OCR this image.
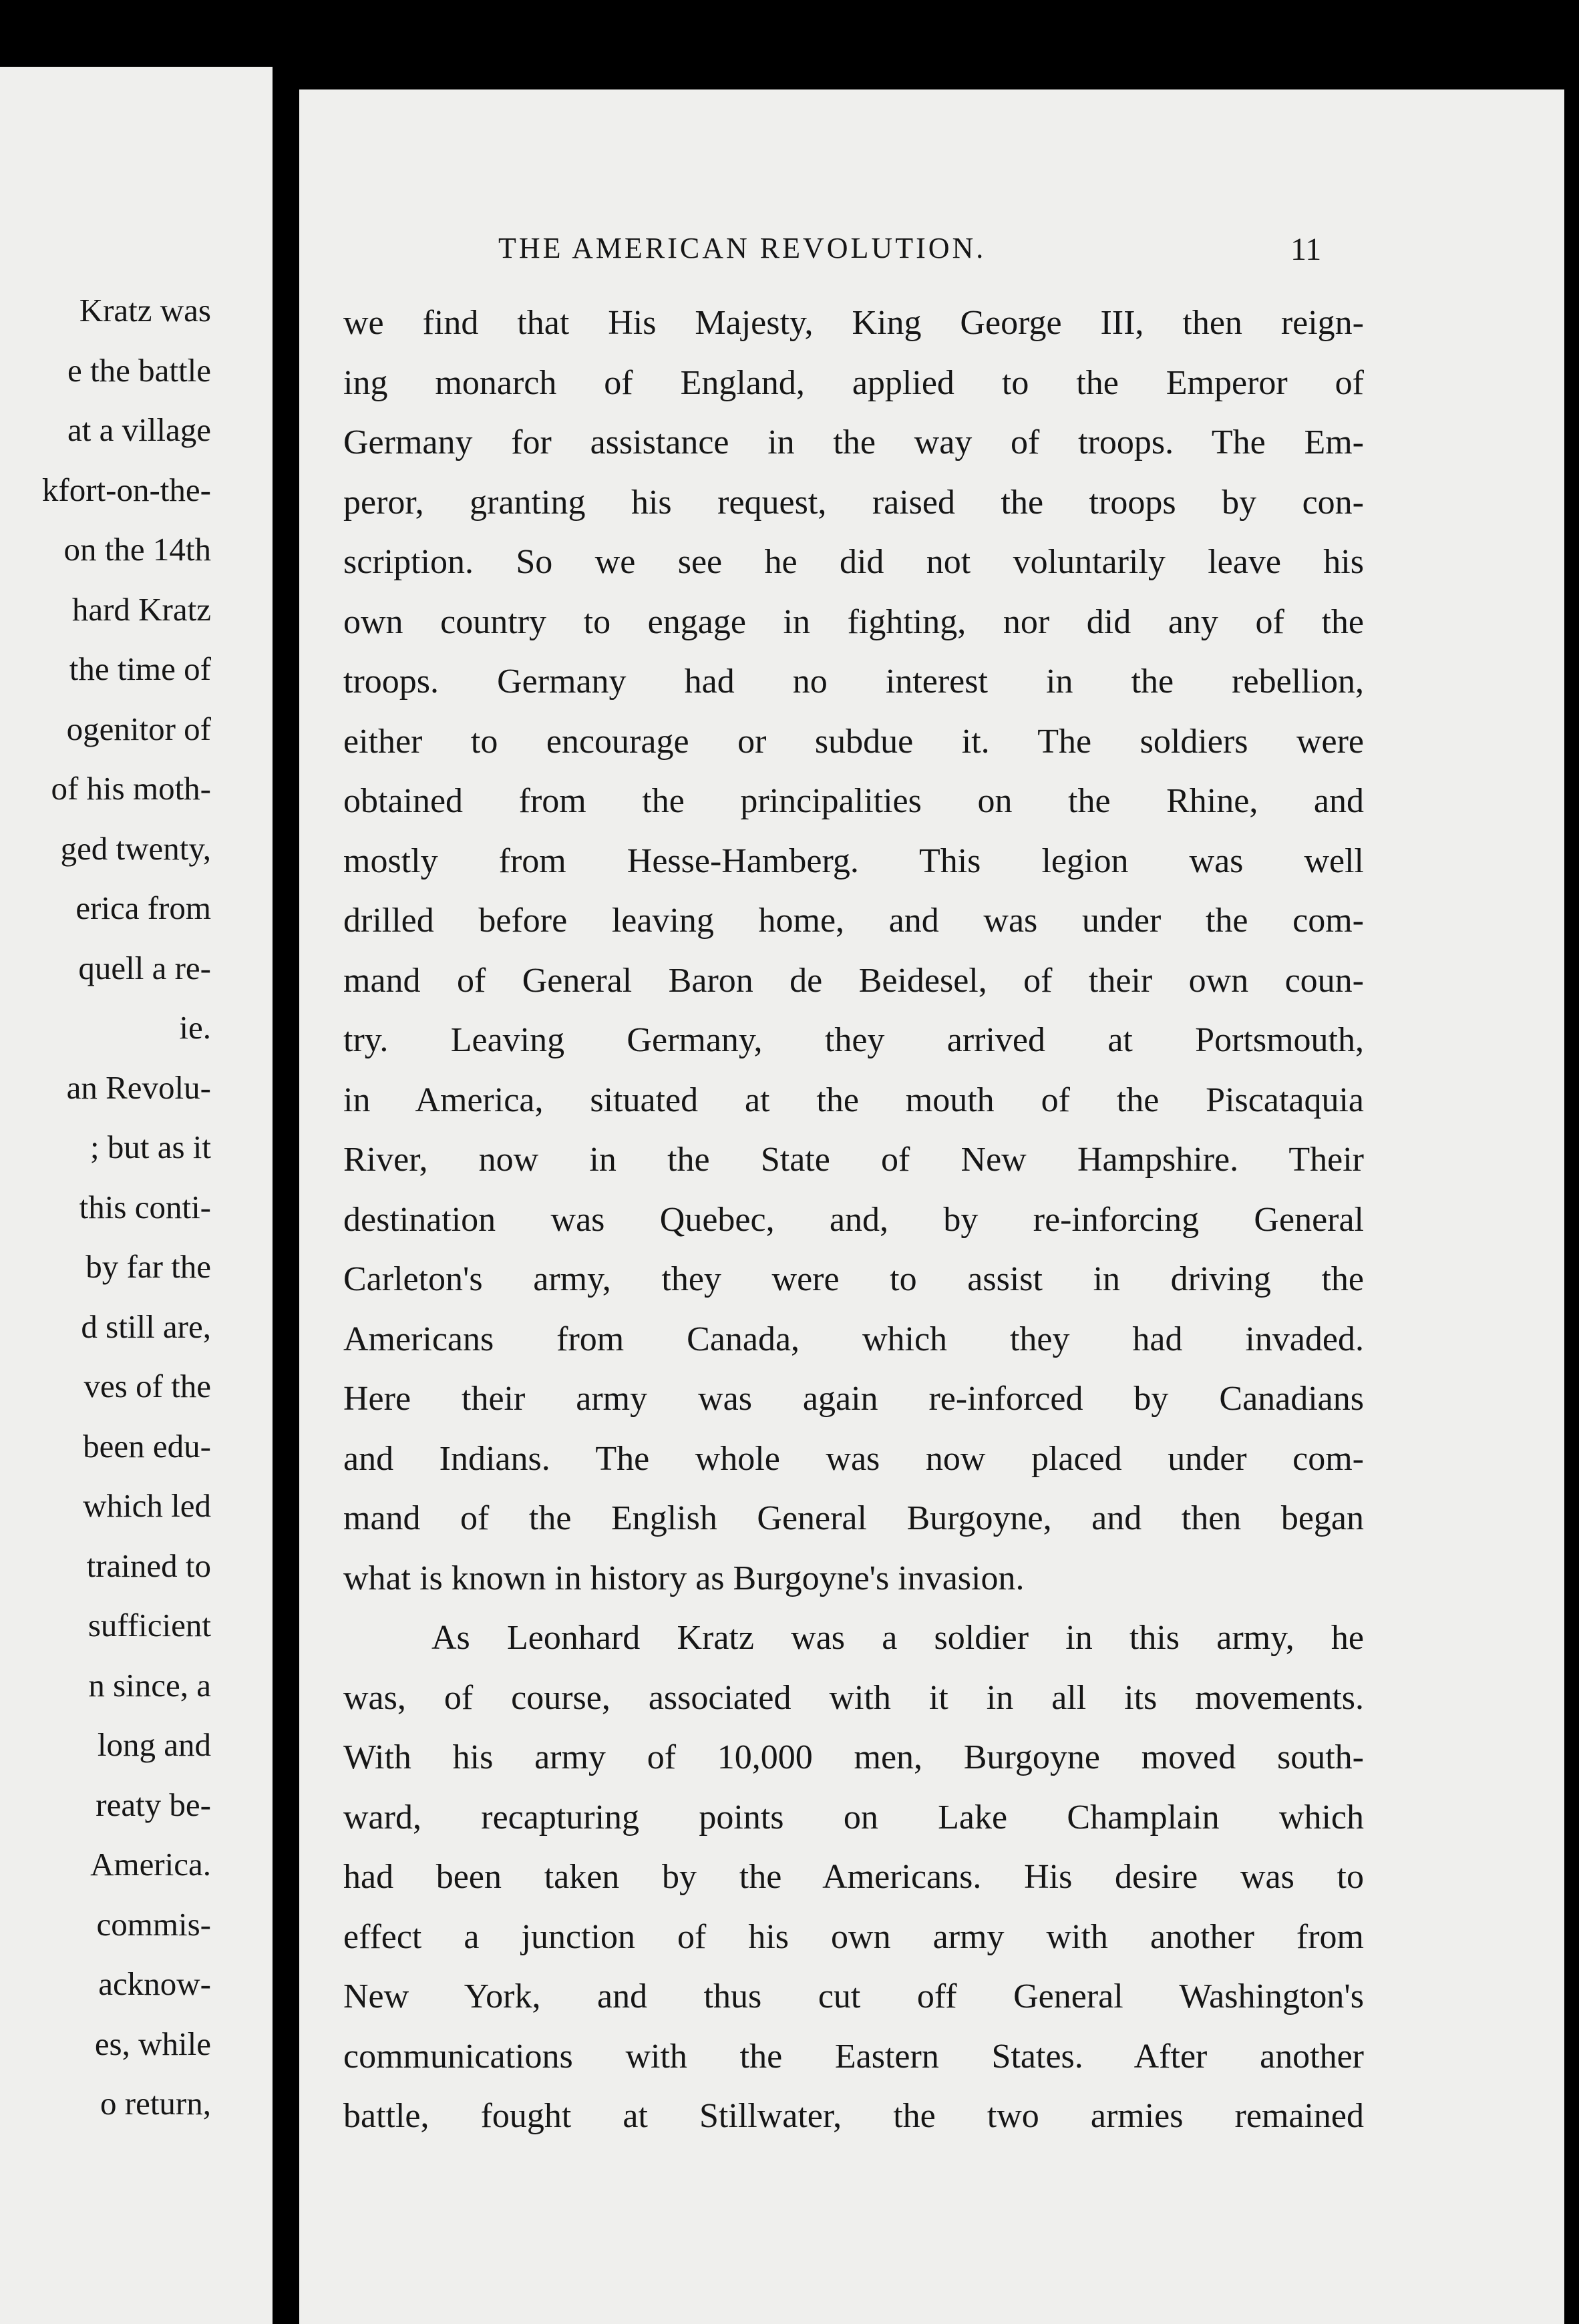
Kratz was
e the battle
at a village
kfort-on-the-
on the 14th
hard Kratz
the time of
ogenitor of
of his moth-
ged twenty,
erica from
quell a re-
ie.
an Revolu-
; but as it
this conti-
by far the
d still are,
ves of the
been edu-
which led
trained to
sufficient
n since, a
long and
reaty be-
America.
commis-
acknow-
es, while
o return,
THE AMERICAN REVOLUTION.	11
we find that His Majesty, King George III, then reign-
ing monarch of England, applied to the Emperor of
Germany for assistance in the way of troops. The Em-
peror, granting his request, raised the troops by con-
scription. So we see he did not voluntarily leave his
own country to engage in fighting, nor did any of the
troops. Germany had no interest in the rebellion,
either to encourage or subdue it. The soldiers were
obtained from the principalities on the Rhine, and
mostly from Hesse-Hamberg. This legion was well
drilled before leaving home, and was under the com-
mand of General Baron de Beidesel, of their own coun-
try. Leaving Germany, they arrived at Portsmouth,
in America, situated at the mouth of the Piscataquia
River, now in the State of New Hampshire. Their
destination was Quebec, and, by re-inforcing General
Carleton's army, they were to assist in driving the
Americans from Canada, which they had invaded.
Here their army was again re-inforced by Canadians
and Indians. The whole was now placed under com-
mand of the English General Burgoyne, and then began
what is known in history as Burgoyne's invasion.
As Leonhard Kratz was a soldier in this army, he
was, of course, associated with it in all its movements.
With his army of 10,000 men, Burgoyne moved south-
ward, recapturing points on Lake Champlain which
had been taken by the Americans. His desire was to
effect a junction of his own army with another from
New York, and thus cut off General Washington's
communications with the Eastern States. After another
battle, fought at Stillwater, the two armies remained
